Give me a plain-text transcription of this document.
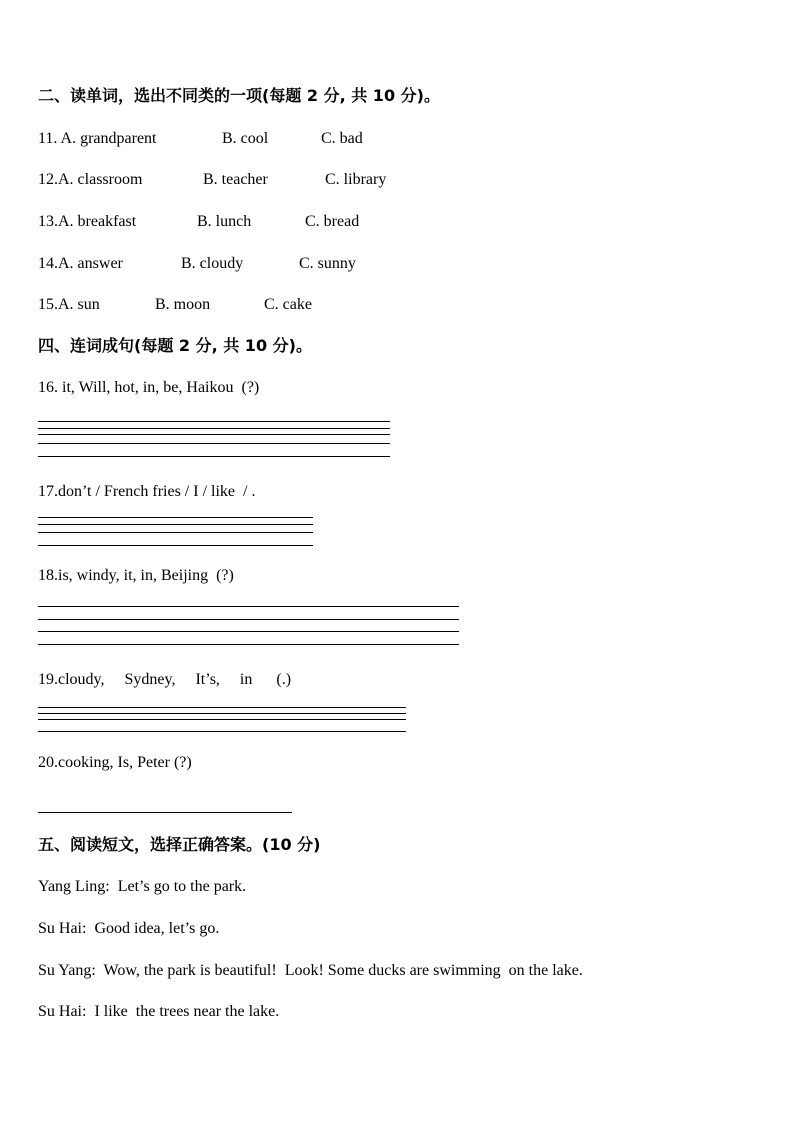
二、读单词，选出不同类的一项(每题 2 分, 共 10 分)。
11. A. grandparent	B. cool	C. bad
12.A. classroom	B. teacher	C. library
13.A. breakfast	B. lunch	C. bread
14.A. answer	B. cloudy	C. sunny
15.A. sun	B. moon	C. cake
四、连词成句(每题 2 分, 共 10 分)。
16. it, Will, hot, in, be, Haikou  (?)
17.don’t / French fries / I / like  / .
18.is, windy, it, in, Beijing  (?)
19.cloudy,     Sydney,     It’s,     in      (.)
20.cooking, Is, Peter (?)
五、阅读短文，选择正确答案。(10 分)
Yang Ling:  Let’s go to the park.
Su Hai:  Good idea, let’s go.
Su Yang:  Wow, the park is beautiful!  Look! Some ducks are swimming  on the lake.
Su Hai:  I like  the trees near the lake.
